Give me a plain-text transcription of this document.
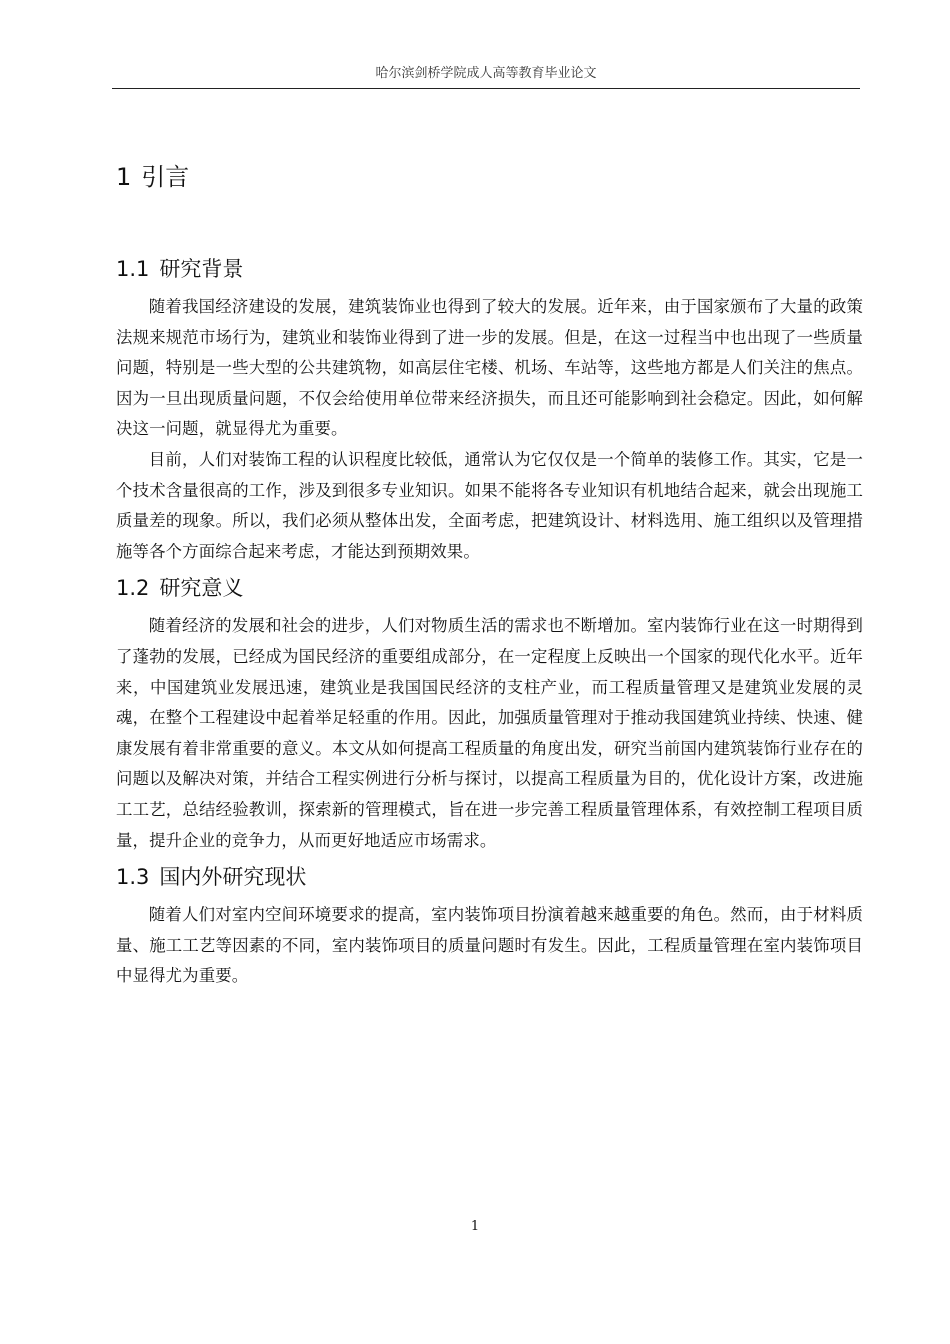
哈尔滨剑桥学院成人高等教育毕业论文
1 引言
1.1 研究背景

随着我国经济建设的发展，建筑装饰业也得到了较大的发展。近年来，由于国家颁布了大量的政策法规来规范市场行为，建筑业和装饰业得到了进一步的发展。但是，在这一过程当中也出现了一些质量问题，特别是一些大型的公共建筑物，如高层住宅楼、机场、车站等，这些地方都是人们关注的焦点。因为一旦出现质量问题，不仅会给使用单位带来经济损失，而且还可能影响到社会稳定。因此，如何解决这一问题，就显得尤为重要。

目前，人们对装饰工程的认识程度比较低，通常认为它仅仅是一个简单的装修工作。其实，它是一个技术含量很高的工作，涉及到很多专业知识。如果不能将各专业知识有机地结合起来，就会出现施工质量差的现象。所以，我们必须从整体出发，全面考虑，把建筑设计、材料选用、施工组织以及管理措施等各个方面综合起来考虑，才能达到预期效果。

1.2 研究意义

随着经济的发展和社会的进步，人们对物质生活的需求也不断增加。室内装饰行业在这一时期得到了蓬勃的发展，已经成为国民经济的重要组成部分，在一定程度上反映出一个国家的现代化水平。近年来，中国建筑业发展迅速，建筑业是我国国民经济的支柱产业，而工程质量管理又是建筑业发展的灵魂，在整个工程建设中起着举足轻重的作用。因此，加强质量管理对于推动我国建筑业持续、快速、健康发展有着非常重要的意义。本文从如何提高工程质量的角度出发，研究当前国内建筑装饰行业存在的问题以及解决对策，并结合工程实例进行分析与探讨，以提高工程质量为目的，优化设计方案，改进施工工艺，总结经验教训，探索新的管理模式，旨在进一步完善工程质量管理体系，有效控制工程项目质量，提升企业的竞争力，从而更好地适应市场需求。

1.3 国内外研究现状

随着人们对室内空间环境要求的提高，室内装饰项目扮演着越来越重要的角色。然而，由于材料质量、施工工艺等因素的不同，室内装饰项目的质量问题时有发生。因此，工程质量管理在室内装饰项目中显得尤为重要。

1
